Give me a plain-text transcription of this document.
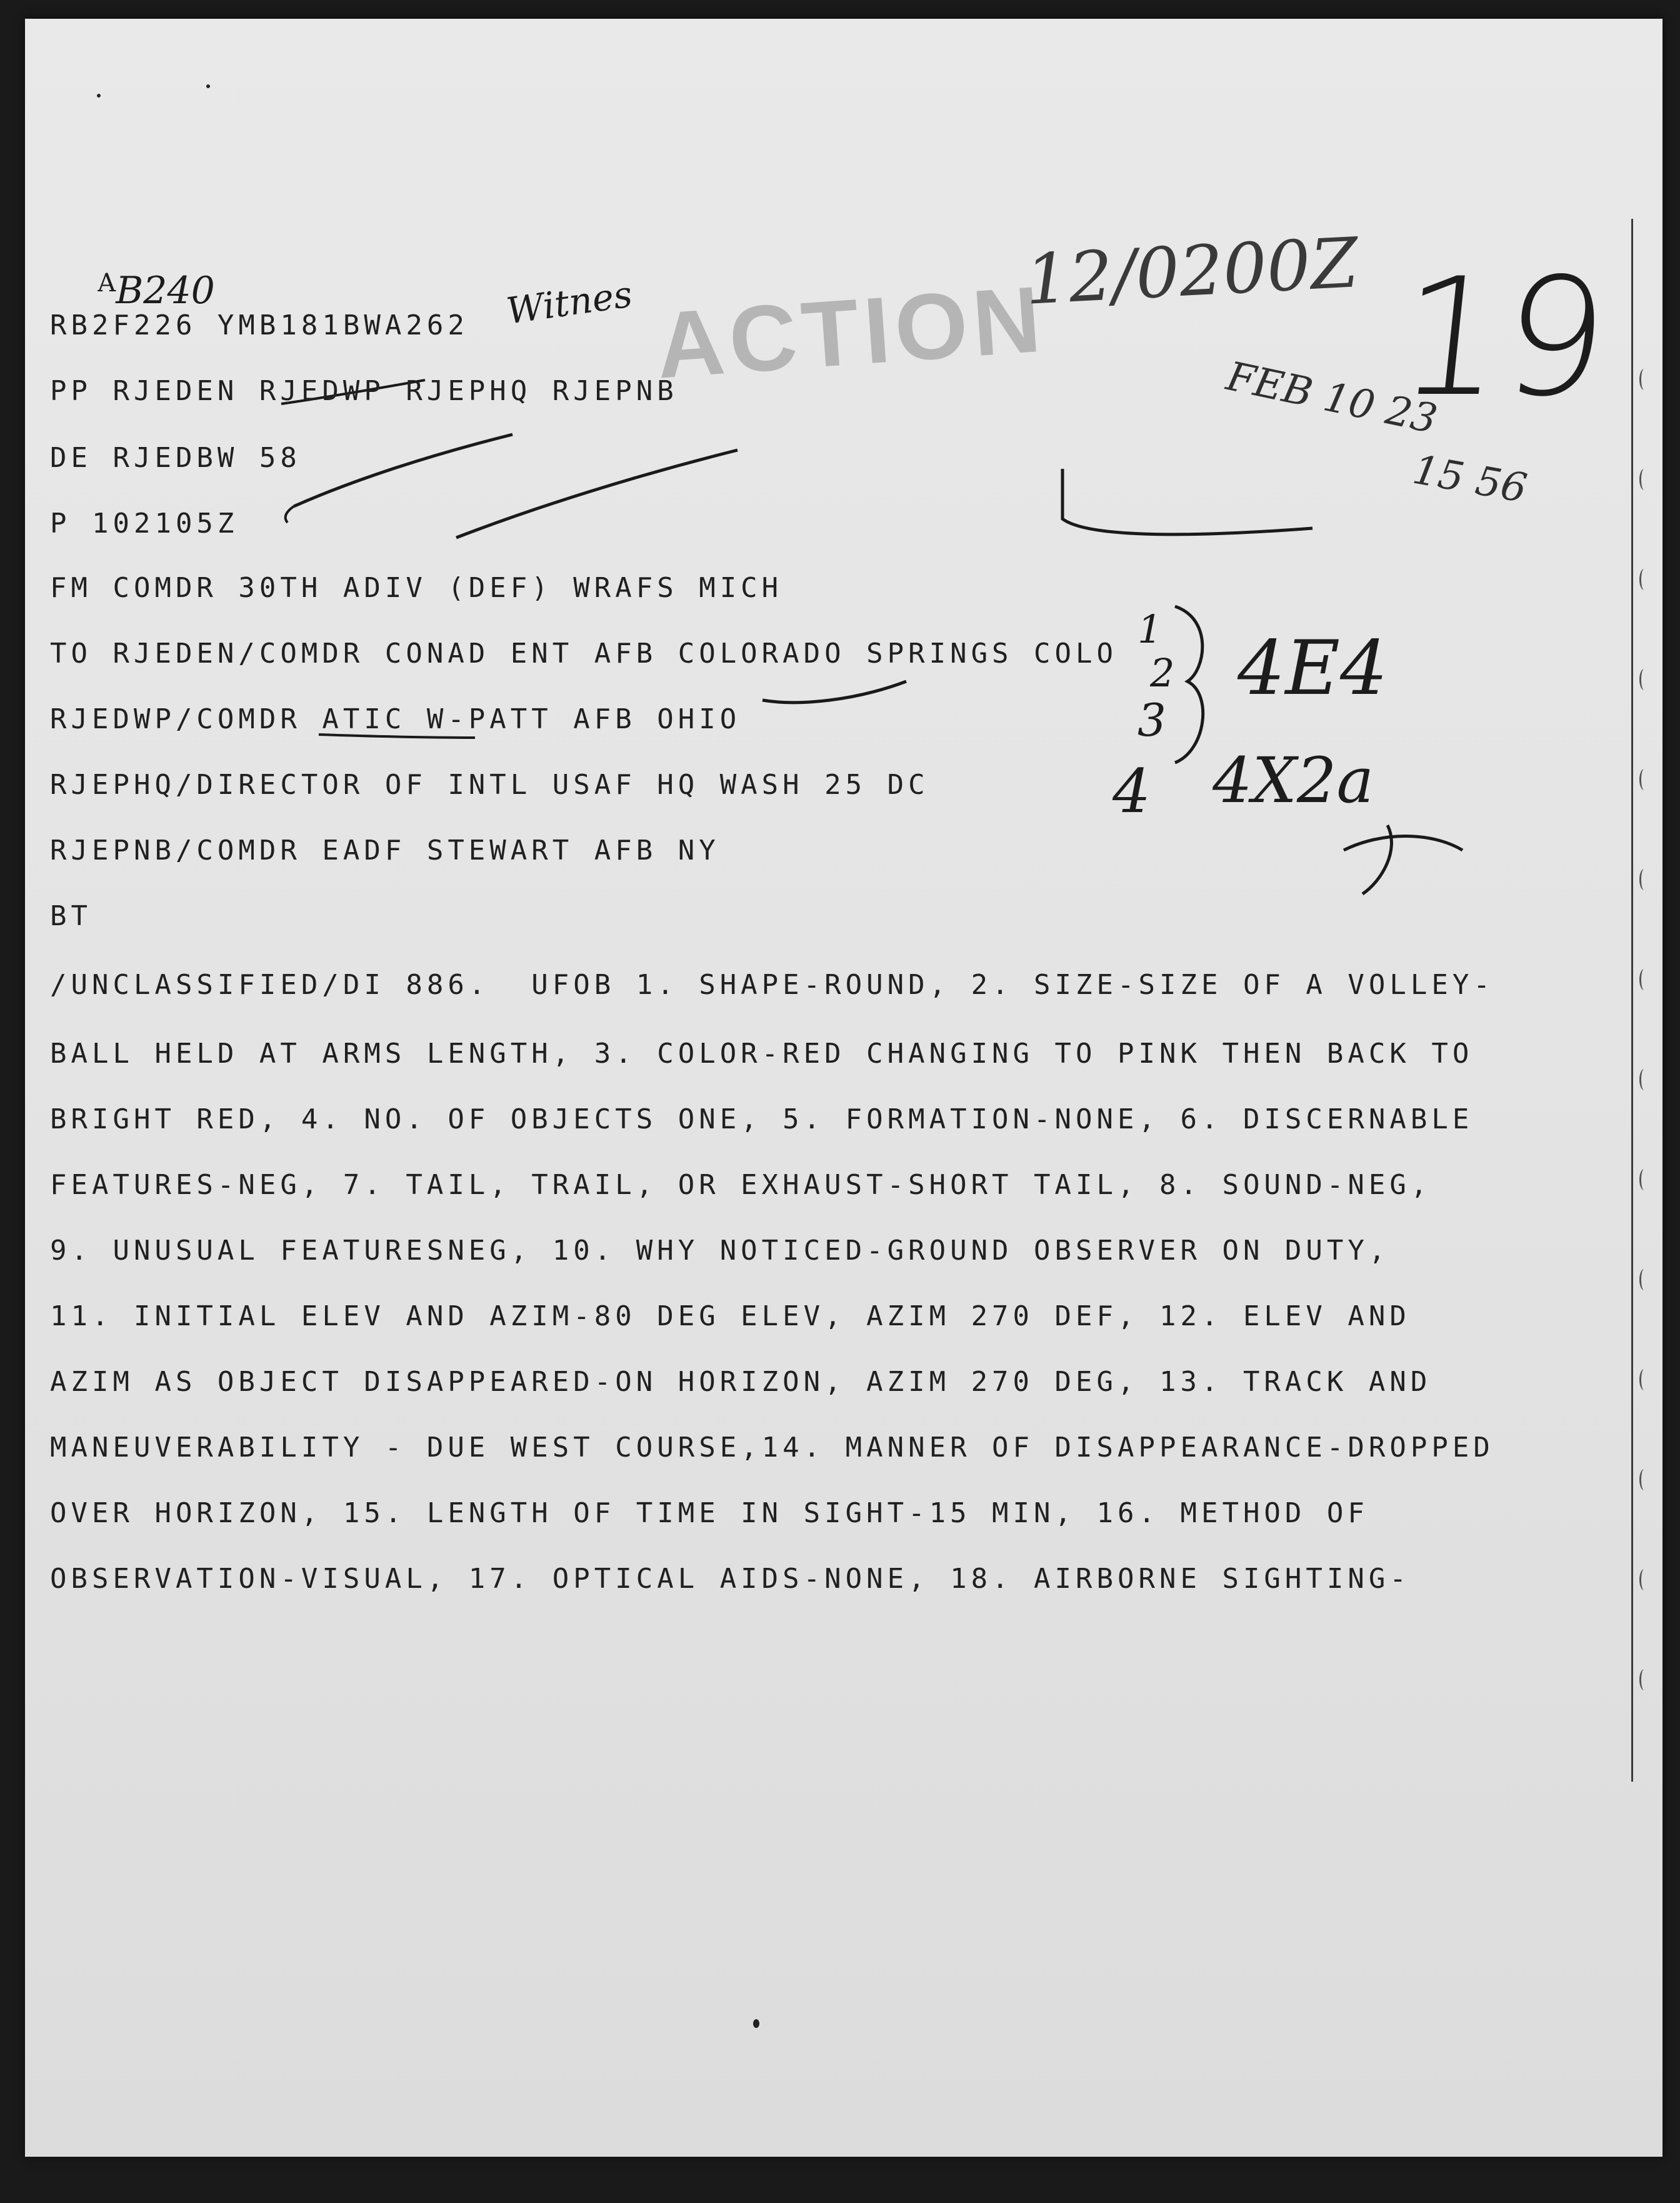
ACTION
FEB 10 23
15 56

$^A$B240
	Witnes	12/0200Z 19
1
2
3
4
4E4
4X2a

RB2F226 YMB181BWA262

PP RJEDEN RJEDWP RJEPHQ RJEPNB

DE RJEDBW 58

P 102105Z

FM COMDR 30TH ADIV (DEF) WRAFS MICH

TO RJEDEN/COMDR CONAD ENT AFB COLORADO SPRINGS COLO

RJEDWP/COMDR ATIC W-PATT AFB OHIO

RJEPHQ/DIRECTOR OF INTL USAF HQ WASH 25 DC

RJEPNB/COMDR EADF STEWART AFB NY

BT

/UNCLASSIFIED/DI 886.  UFOB 1. SHAPE-ROUND, 2. SIZE-SIZE OF A VOLLEY-

BALL HELD AT ARMS LENGTH, 3. COLOR-RED CHANGING TO PINK THEN BACK TO

BRIGHT RED, 4. NO. OF OBJECTS ONE, 5. FORMATION-NONE, 6. DISCERNABLE

FEATURES-NEG, 7. TAIL, TRAIL, OR EXHAUST-SHORT TAIL, 8. SOUND-NEG,

9. UNUSUAL FEATURESNEG, 10. WHY NOTICED-GROUND OBSERVER ON DUTY,

11. INITIAL ELEV AND AZIM-80 DEG ELEV, AZIM 270 DEF, 12. ELEV AND

AZIM AS OBJECT DISAPPEARED-ON HORIZON, AZIM 270 DEG, 13. TRACK AND

MANEUVERABILITY - DUE WEST COURSE,14. MANNER OF DISAPPEARANCE-DROPPED

OVER HORIZON, 15. LENGTH OF TIME IN SIGHT-15 MIN, 16. METHOD OF

OBSERVATION-VISUAL, 17. OPTICAL AIDS-NONE, 18. AIRBORNE SIGHTING-
